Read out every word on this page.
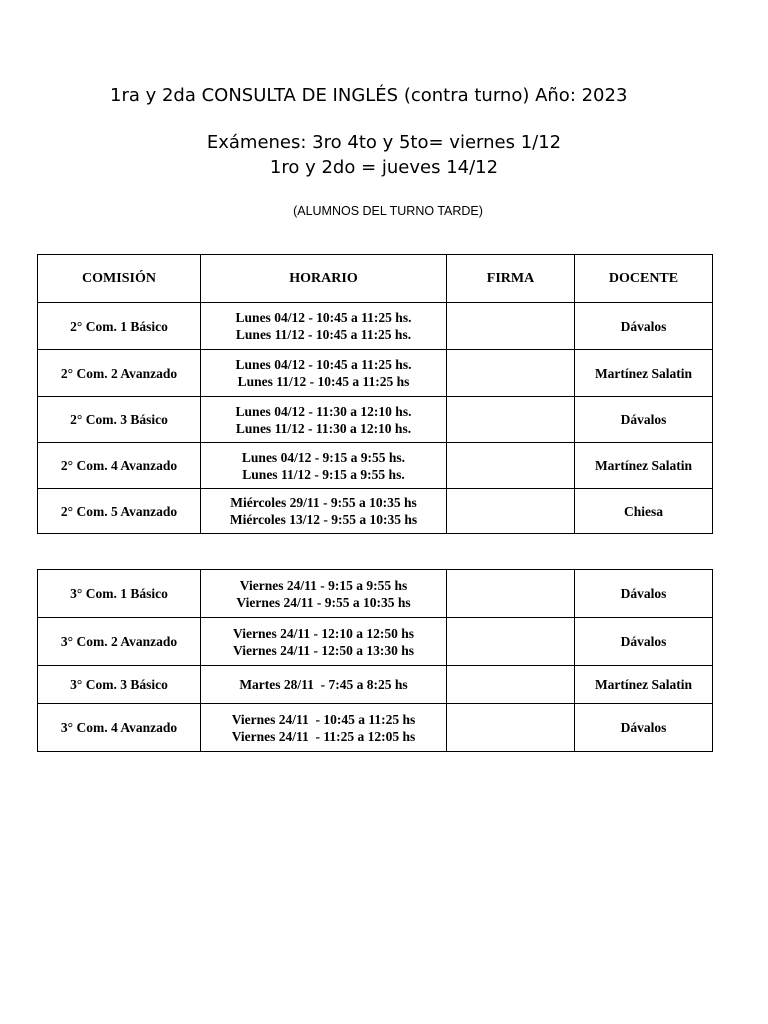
1ra y 2da CONSULTA DE INGLÉS (contra turno) Año: 2023
Exámenes: 3ro 4to y 5to= viernes 1/12
1ro y 2do = jueves 14/12
(ALUMNOS DEL TURNO TARDE)
COMISIÓN	HORARIO	FIRMA	DOCENTE
2° Com. 1 Básico	Lunes 04/12 - 10:45 a 11:25 hs.
Lunes 11/12 - 10:45 a 11:25 hs.		Dávalos
2° Com. 2 Avanzado	Lunes 04/12 - 10:45 a 11:25 hs.
Lunes 11/12 - 10:45 a 11:25 hs		Martínez Salatin
2° Com. 3 Básico	Lunes 04/12 - 11:30 a 12:10 hs.
Lunes 11/12 - 11:30 a 12:10 hs.		Dávalos
2° Com. 4 Avanzado	Lunes 04/12 - 9:15 a 9:55 hs.
Lunes 11/12 - 9:15 a 9:55 hs.		Martínez Salatin
2° Com. 5 Avanzado	Miércoles 29/11 - 9:55 a 10:35 hs
Miércoles 13/12 - 9:55 a 10:35 hs		Chiesa
3° Com. 1 Básico	Viernes 24/11 - 9:15 a 9:55 hs
Viernes 24/11 - 9:55 a 10:35 hs		Dávalos
3° Com. 2 Avanzado	Viernes 24/11 - 12:10 a 12:50 hs
Viernes 24/11 - 12:50 a 13:30 hs		Dávalos
3° Com. 3 Básico	Martes 28/11  - 7:45 a 8:25 hs		Martínez Salatin
3° Com. 4 Avanzado	Viernes 24/11  - 10:45 a 11:25 hs
Viernes 24/11  - 11:25 a 12:05 hs		Dávalos
